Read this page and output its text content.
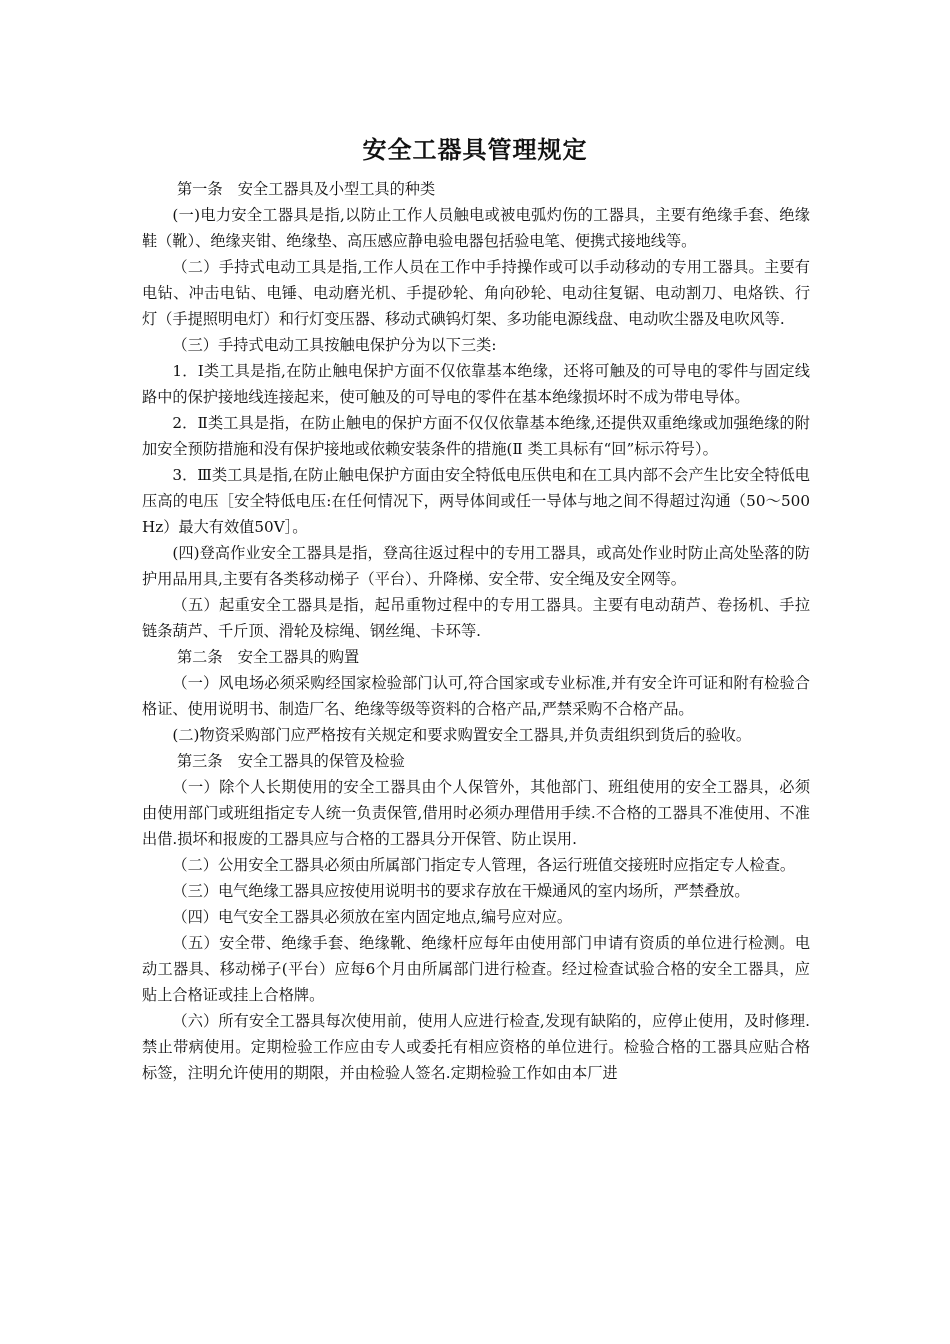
安全工器具管理规定

第一条　安全工器具及小型工具的种类

(一)电力安全工器具是指,以防止工作人员触电或被电弧灼伤的工器具，主要有绝缘手套、绝缘鞋（靴）、绝缘夹钳、绝缘垫、高压感应静电验电器包括验电笔、便携式接地线等。

（二）手持式电动工具是指,工作人员在工作中手持操作或可以手动移动的专用工器具。主要有电钻、冲击电钻、电锤、电动磨光机、手提砂轮、角向砂轮、电动往复锯、电动割刀、电烙铁、行灯（手提照明电灯）和行灯变压器、移动式碘钨灯架、多功能电源线盘、电动吹尘器及电吹风等.

（三）手持式电动工具按触电保护分为以下三类:

1．Ⅰ类工具是指,在防止触电保护方面不仅依靠基本绝缘，还将可触及的可导电的零件与固定线路中的保护接地线连接起来，使可触及的可导电的零件在基本绝缘损坏时不成为带电导体。

2．Ⅱ类工具是指，在防止触电的保护方面不仅仅依靠基本绝缘,还提供双重绝缘或加强绝缘的附加安全预防措施和没有保护接地或依赖安装条件的措施(Ⅱ 类工具标有“回”标示符号）。

3．Ⅲ类工具是指,在防止触电保护方面由安全特低电压供电和在工具内部不会产生比安全特低电压高的电压［安全特低电压:在任何情况下，两导体间或任一导体与地之间不得超过沟通（50～500Hz）最大有效值50V］。

(四)登高作业安全工器具是指，登高往返过程中的专用工器具，或高处作业时防止高处坠落的防护用品用具,主要有各类移动梯子（平台）、升降梯、安全带、安全绳及安全网等。

（五）起重安全工器具是指，起吊重物过程中的专用工器具。主要有电动葫芦、卷扬机、手拉链条葫芦、千斤顶、滑轮及棕绳、钢丝绳、卡环等.

第二条　安全工器具的购置

（一）风电场必须采购经国家检验部门认可,符合国家或专业标准,并有安全许可证和附有检验合格证、使用说明书、制造厂名、绝缘等级等资料的合格产品,严禁采购不合格产品。

(二)物资采购部门应严格按有关规定和要求购置安全工器具,并负责组织到货后的验收。

第三条　安全工器具的保管及检验

（一）除个人长期使用的安全工器具由个人保管外，其他部门、班组使用的安全工器具，必须由使用部门或班组指定专人统一负责保管,借用时必须办理借用手续.不合格的工器具不准使用、不准出借.损坏和报废的工器具应与合格的工器具分开保管、防止误用.

（二）公用安全工器具必须由所属部门指定专人管理，各运行班值交接班时应指定专人检查。

（三）电气绝缘工器具应按使用说明书的要求存放在干燥通风的室内场所，严禁叠放。

（四）电气安全工器具必须放在室内固定地点,编号应对应。

（五）安全带、绝缘手套、绝缘靴、绝缘杆应每年由使用部门申请有资质的单位进行检测。电动工器具、移动梯子(平台）应每6个月由所属部门进行检查。经过检查试验合格的安全工器具，应贴上合格证或挂上合格牌。

（六）所有安全工器具每次使用前，使用人应进行检查,发现有缺陷的，应停止使用，及时修理.禁止带病使用。定期检验工作应由专人或委托有相应资格的单位进行。检验合格的工器具应贴合格标签，注明允许使用的期限，并由检验人签名.定期检验工作如由本厂进
